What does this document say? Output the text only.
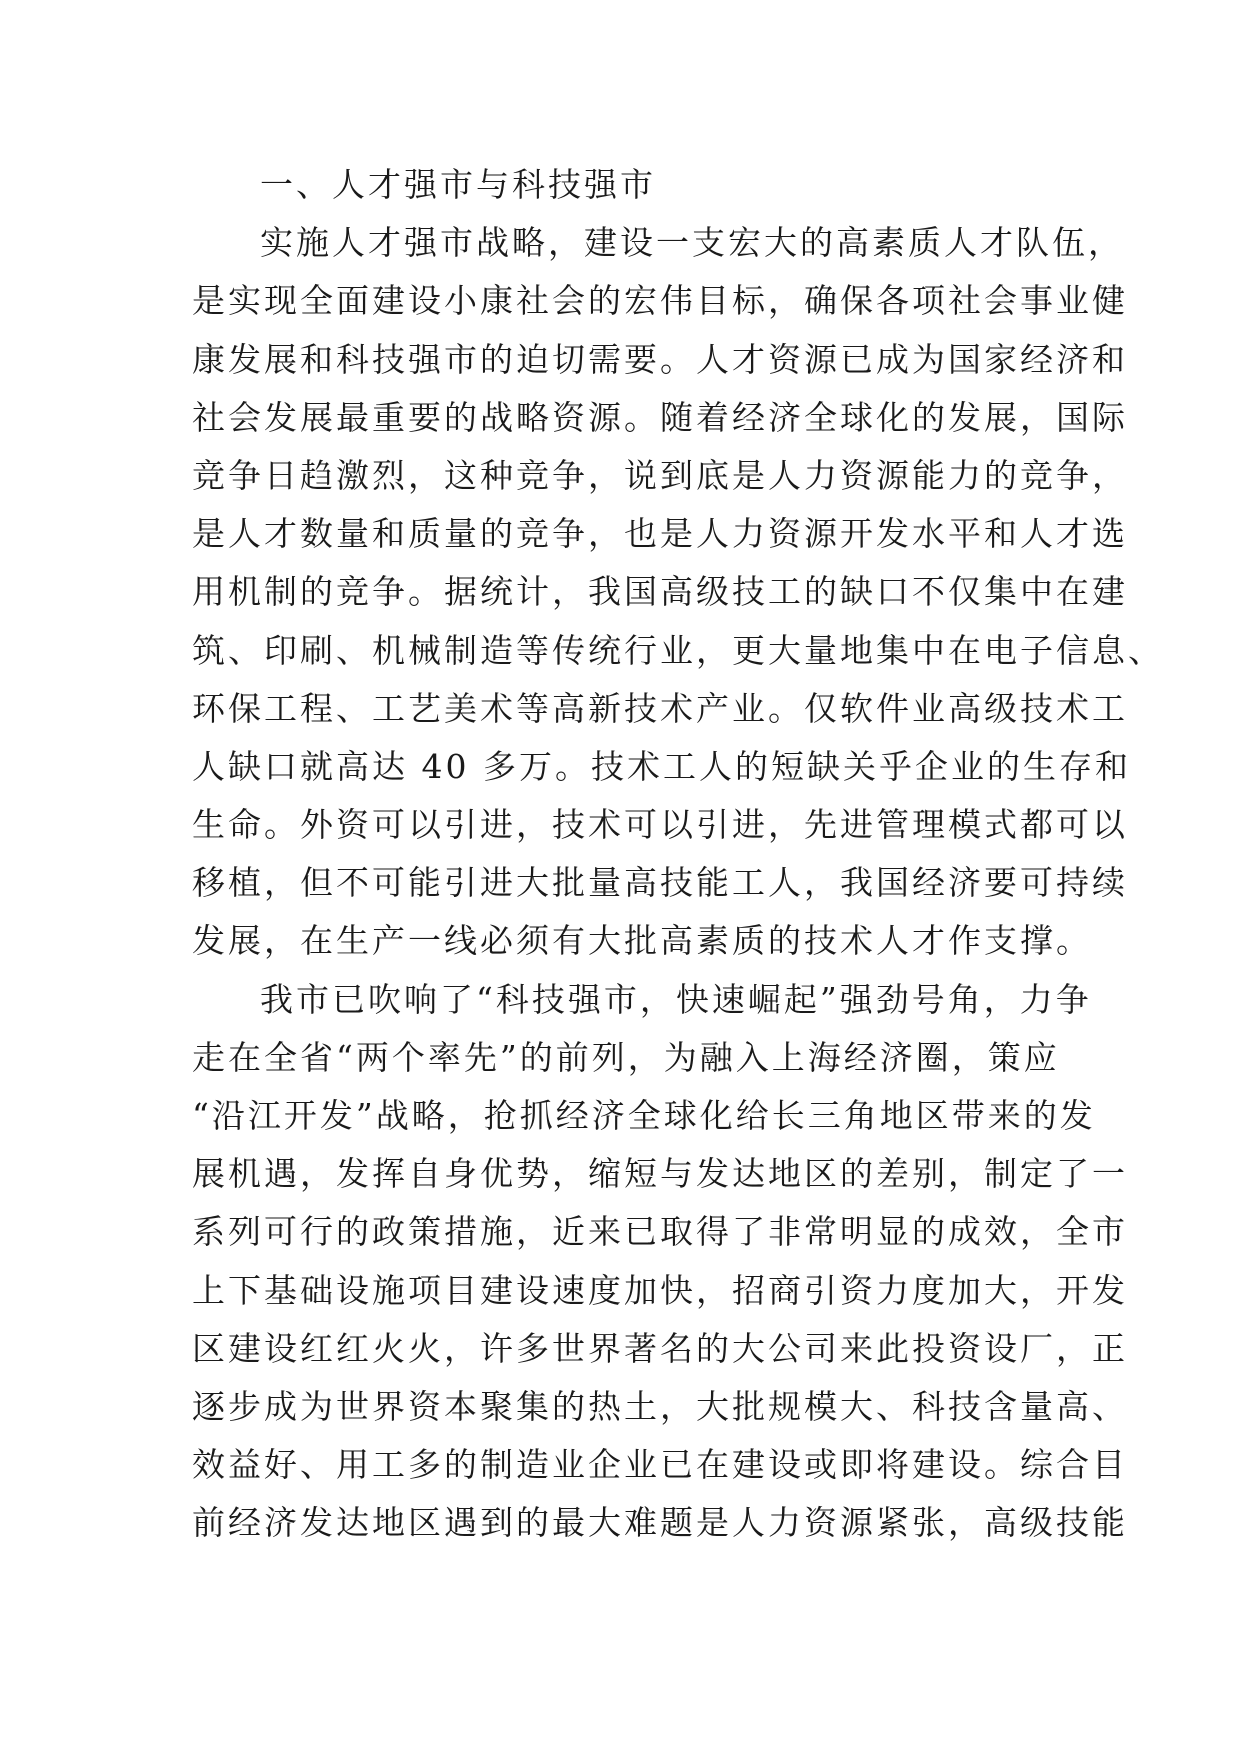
一、人才强市与科技强市
实施人才强市战略，建设一支宏大的高素质人才队伍，
是实现全面建设小康社会的宏伟目标，确保各项社会事业健
康发展和科技强市的迫切需要。人才资源已成为国家经济和
社会发展最重要的战略资源。随着经济全球化的发展，国际
竞争日趋激烈，这种竞争，说到底是人力资源能力的竞争，
是人才数量和质量的竞争，也是人力资源开发水平和人才选
用机制的竞争。据统计，我国高级技工的缺口不仅集中在建
筑、印刷、机械制造等传统行业，更大量地集中在电子信息、
环保工程、工艺美术等高新技术产业。仅软件业高级技术工
人缺口就高达 40 多万。技术工人的短缺关乎企业的生存和
生命。外资可以引进，技术可以引进，先进管理模式都可以
移植，但不可能引进大批量高技能工人，我国经济要可持续
发展，在生产一线必须有大批高素质的技术人才作支撑。
我市已吹响了“科技强市，快速崛起”强劲号角，力争
走在全省“两个率先”的前列，为融入上海经济圈，策应
“沿江开发”战略，抢抓经济全球化给长三角地区带来的发
展机遇，发挥自身优势，缩短与发达地区的差别，制定了一
系列可行的政策措施，近来已取得了非常明显的成效，全市
上下基础设施项目建设速度加快，招商引资力度加大，开发
区建设红红火火，许多世界著名的大公司来此投资设厂，正
逐步成为世界资本聚集的热土，大批规模大、科技含量高、
效益好、用工多的制造业企业已在建设或即将建设。综合目
前经济发达地区遇到的最大难题是人力资源紧张，高级技能
